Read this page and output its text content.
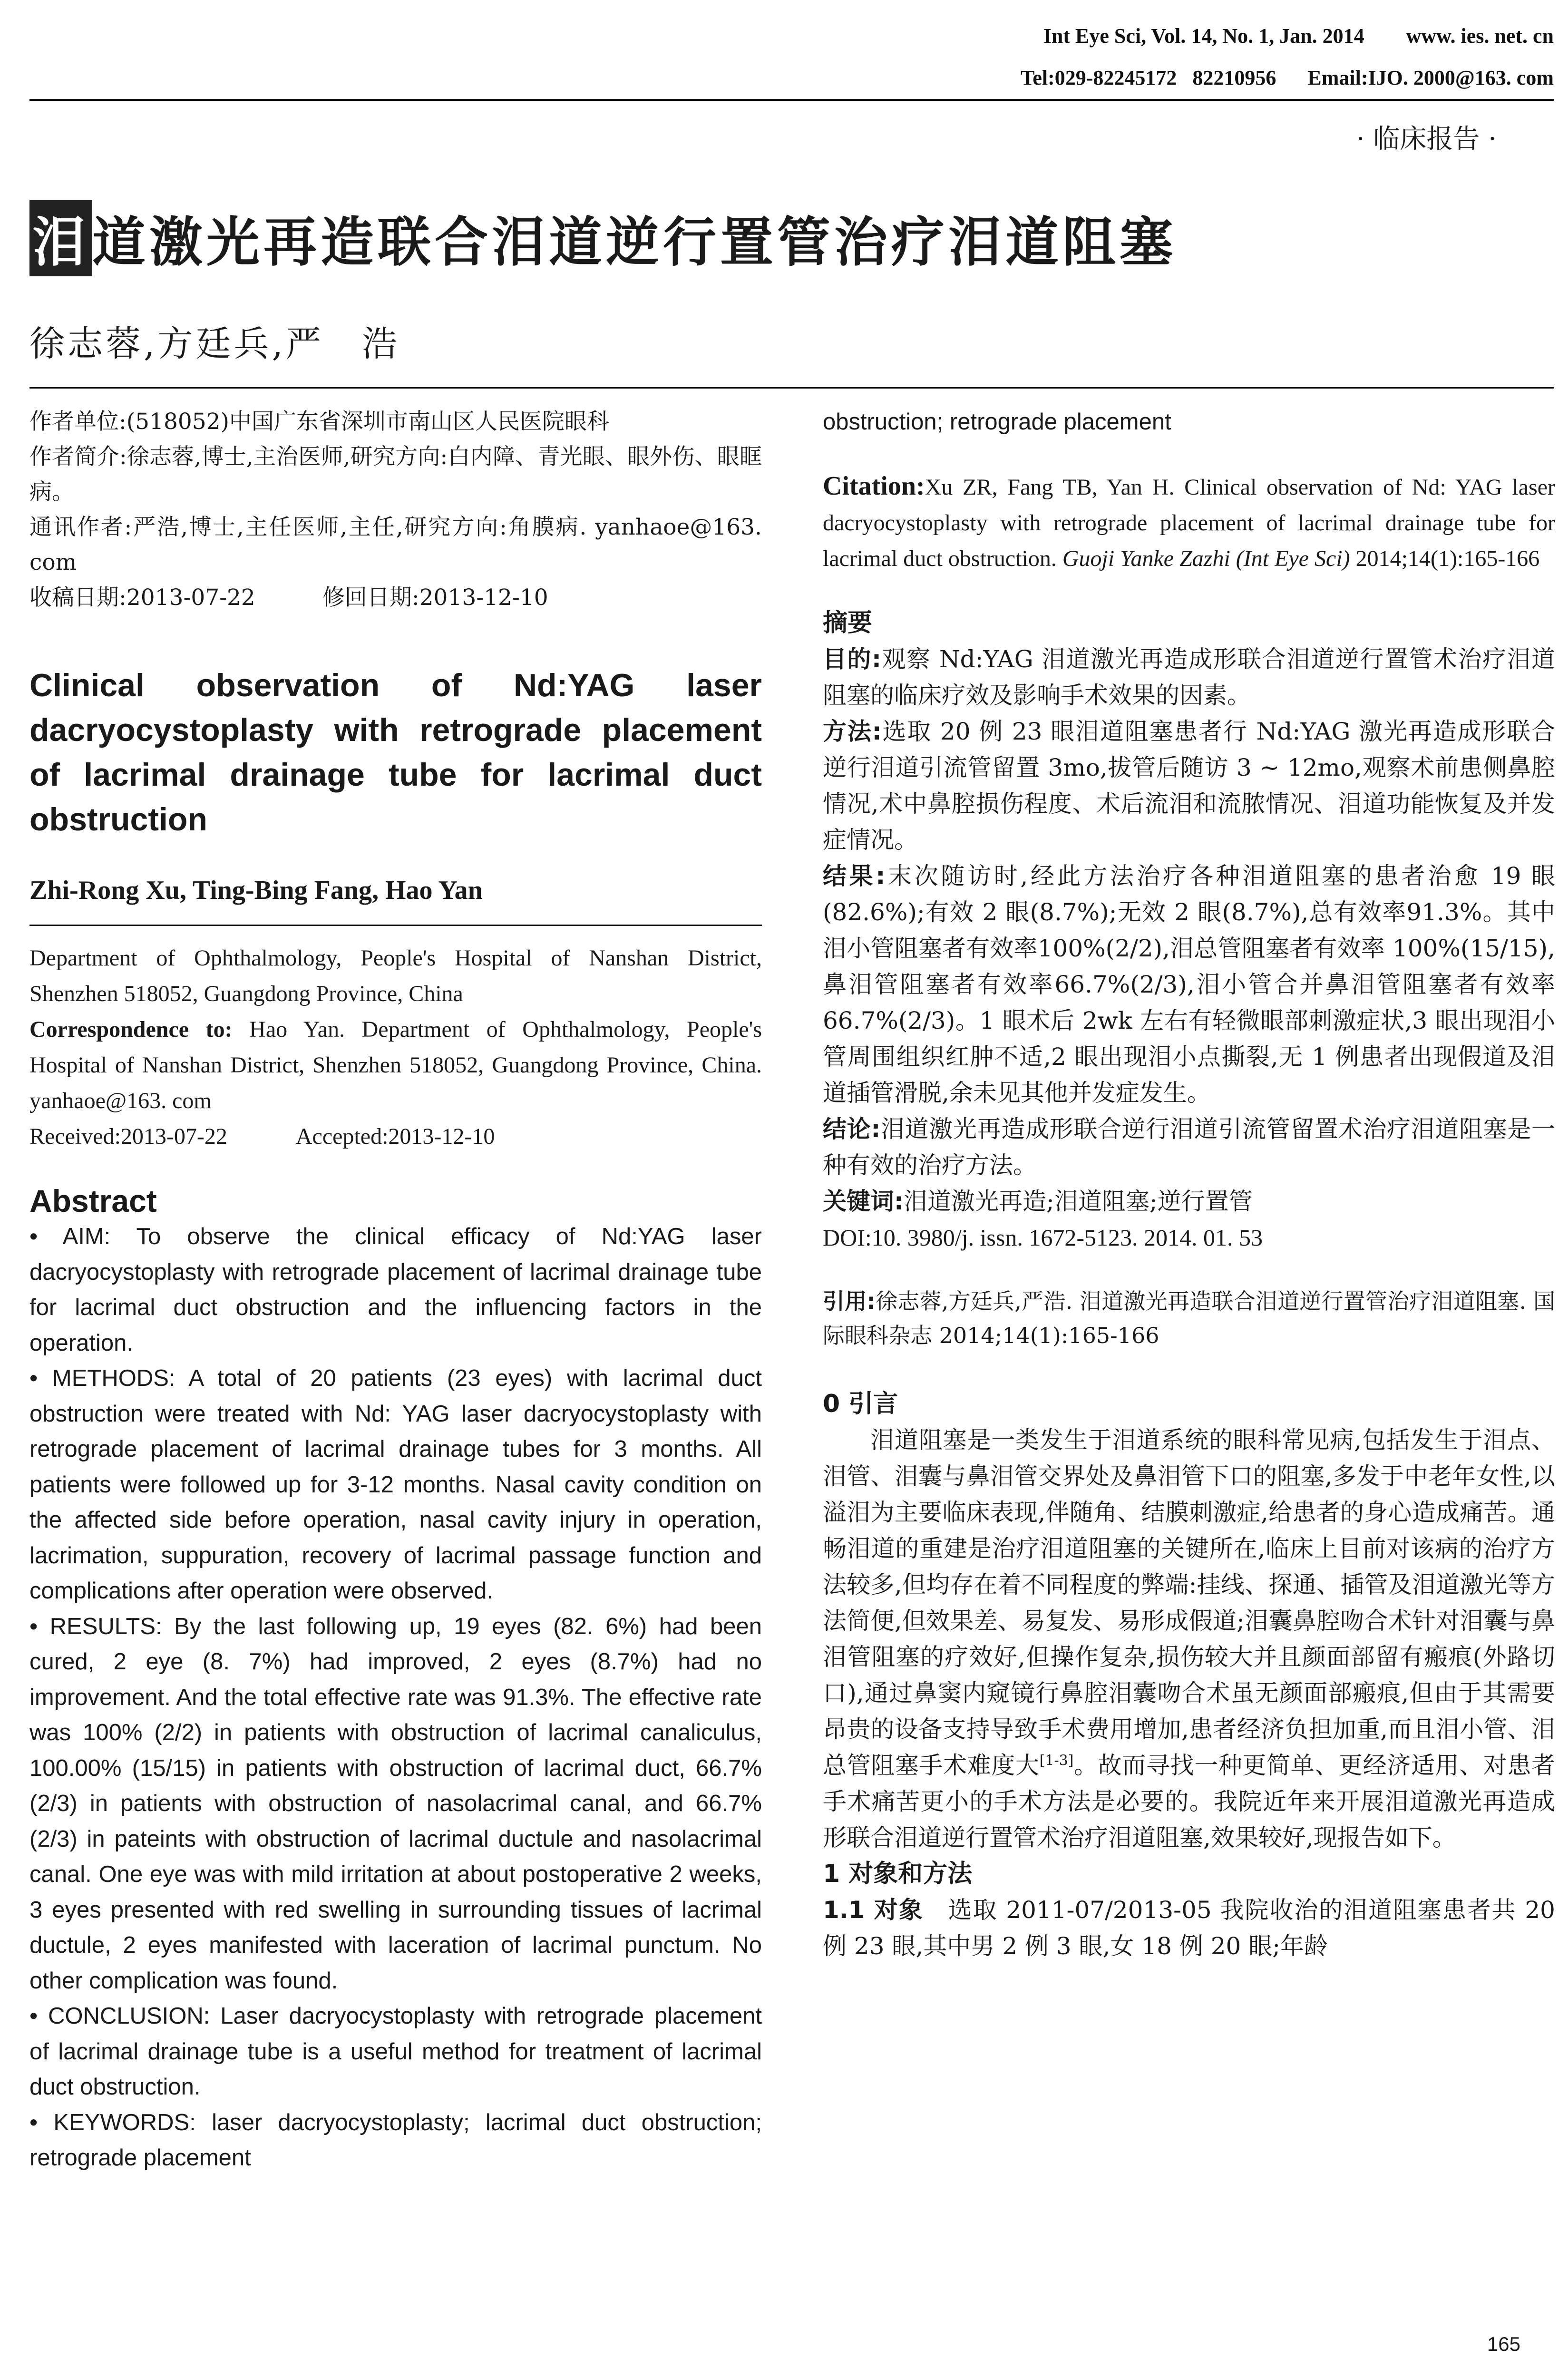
Int Eye Sci, Vol. 14, No. 1, Jan. 2014        www. ies. net. cn
Tel:029-82245172   82210956      Email:IJO. 2000@163. com
· 临床报告 ·
泪道激光再造联合泪道逆行置管治疗泪道阻塞
徐志蓉,方廷兵,严　浩

作者单位:(518052)中国广东省深圳市南山区人民医院眼科

作者简介:徐志蓉,博士,主治医师,研究方向:白内障、青光眼、眼外伤、眼眶病。

通讯作者:严浩,博士,主任医师,主任,研究方向:角膜病. yanhaoe@163. com

收稿日期:2013-07-22　　　修回日期:2013-12-10

Clinical observation of Nd:YAG laser dacryocystoplasty with retrograde placement of lacrimal drainage tube for lacrimal duct obstruction
Zhi-Rong Xu, Ting-Bing Fang, Hao Yan

Department of Ophthalmology, People's Hospital of Nanshan District, Shenzhen 518052, Guangdong Province, China

Correspondence to: Hao Yan. Department of Ophthalmology, People's Hospital of Nanshan District, Shenzhen 518052, Guangdong Province, China. yanhaoe@163. com

Received:2013-07-22　　　Accepted:2013-12-10

Abstract

• AIM: To observe the clinical efficacy of Nd:YAG laser dacryocystoplasty with retrograde placement of lacrimal drainage tube for lacrimal duct obstruction and the influencing factors in the operation.

• METHODS: A total of 20 patients (23 eyes) with lacrimal duct obstruction were treated with Nd: YAG laser dacryocystoplasty with retrograde placement of lacrimal drainage tubes for 3 months. All patients were followed up for 3-12 months. Nasal cavity condition on the affected side before operation, nasal cavity injury in operation, lacrimation, suppuration, recovery of lacrimal passage function and complications after operation were observed.

• RESULTS: By the last following up, 19 eyes (82. 6%) had been cured, 2 eye (8. 7%) had improved, 2 eyes (8.7%) had no improvement. And the total effective rate was 91.3%. The effective rate was 100% (2/2) in patients with obstruction of lacrimal canaliculus, 100.00% (15/15) in patients with obstruction of lacrimal duct, 66.7% (2/3) in patients with obstruction of nasolacrimal canal, and 66.7% (2/3) in pateints with obstruction of lacrimal ductule and nasolacrimal canal. One eye was with mild irritation at about postoperative 2 weeks, 3 eyes presented with red swelling in surrounding tissues of lacrimal ductule, 2 eyes manifested with laceration of lacrimal punctum. No other complication was found.

• CONCLUSION: Laser dacryocystoplasty with retrograde placement of lacrimal drainage tube is a useful method for treatment of lacrimal duct obstruction.

• KEYWORDS: laser dacryocystoplasty; lacrimal duct obstruction; retrograde placement

obstruction; retrograde placement
Citation:Xu ZR, Fang TB, Yan H. Clinical observation of Nd: YAG laser dacryocystoplasty with retrograde placement of lacrimal drainage tube for lacrimal duct obstruction. Guoji Yanke Zazhi (Int Eye Sci) 2014;14(1):165-166
摘要

目的:观察 Nd:YAG 泪道激光再造成形联合泪道逆行置管术治疗泪道阻塞的临床疗效及影响手术效果的因素。

方法:选取 20 例 23 眼泪道阻塞患者行 Nd:YAG 激光再造成形联合逆行泪道引流管留置 3mo,拔管后随访 3 ~ 12mo,观察术前患侧鼻腔情况,术中鼻腔损伤程度、术后流泪和流脓情况、泪道功能恢复及并发症情况。

结果:末次随访时,经此方法治疗各种泪道阻塞的患者治愈 19 眼(82.6%);有效 2 眼(8.7%);无效 2 眼(8.7%),总有效率91.3%。其中泪小管阻塞者有效率100%(2/2),泪总管阻塞者有效率 100%(15/15),鼻泪管阻塞者有效率66.7%(2/3),泪小管合并鼻泪管阻塞者有效率 66.7%(2/3)。1 眼术后 2wk 左右有轻微眼部刺激症状,3 眼出现泪小管周围组织红肿不适,2 眼出现泪小点撕裂,无 1 例患者出现假道及泪道插管滑脱,余未见其他并发症发生。

结论:泪道激光再造成形联合逆行泪道引流管留置术治疗泪道阻塞是一种有效的治疗方法。

关键词:泪道激光再造;泪道阻塞;逆行置管

DOI:10. 3980/j. issn. 1672-5123. 2014. 01. 53

引用:徐志蓉,方廷兵,严浩. 泪道激光再造联合泪道逆行置管治疗泪道阻塞. 国际眼科杂志 2014;14(1):165-166
0 引言
泪道阻塞是一类发生于泪道系统的眼科常见病,包括发生于泪点、泪管、泪囊与鼻泪管交界处及鼻泪管下口的阻塞,多发于中老年女性,以溢泪为主要临床表现,伴随角、结膜刺激症,给患者的身心造成痛苦。通畅泪道的重建是治疗泪道阻塞的关键所在,临床上目前对该病的治疗方法较多,但均存在着不同程度的弊端:挂线、探通、插管及泪道激光等方法简便,但效果差、易复发、易形成假道;泪囊鼻腔吻合术针对泪囊与鼻泪管阻塞的疗效好,但操作复杂,损伤较大并且颜面部留有瘢痕(外路切口),通过鼻窦内窥镜行鼻腔泪囊吻合术虽无颜面部瘢痕,但由于其需要昂贵的设备支持导致手术费用增加,患者经济负担加重,而且泪小管、泪总管阻塞手术难度大[1-3]。故而寻找一种更简单、更经济适用、对患者手术痛苦更小的手术方法是必要的。我院近年来开展泪道激光再造成形联合泪道逆行置管术治疗泪道阻塞,效果较好,现报告如下。
1 对象和方法
1.1 对象　 选取 2011-07/2013-05 我院收治的泪道阻塞患者共 20 例 23 眼,其中男 2 例 3 眼,女 18 例 20 眼;年龄
165
